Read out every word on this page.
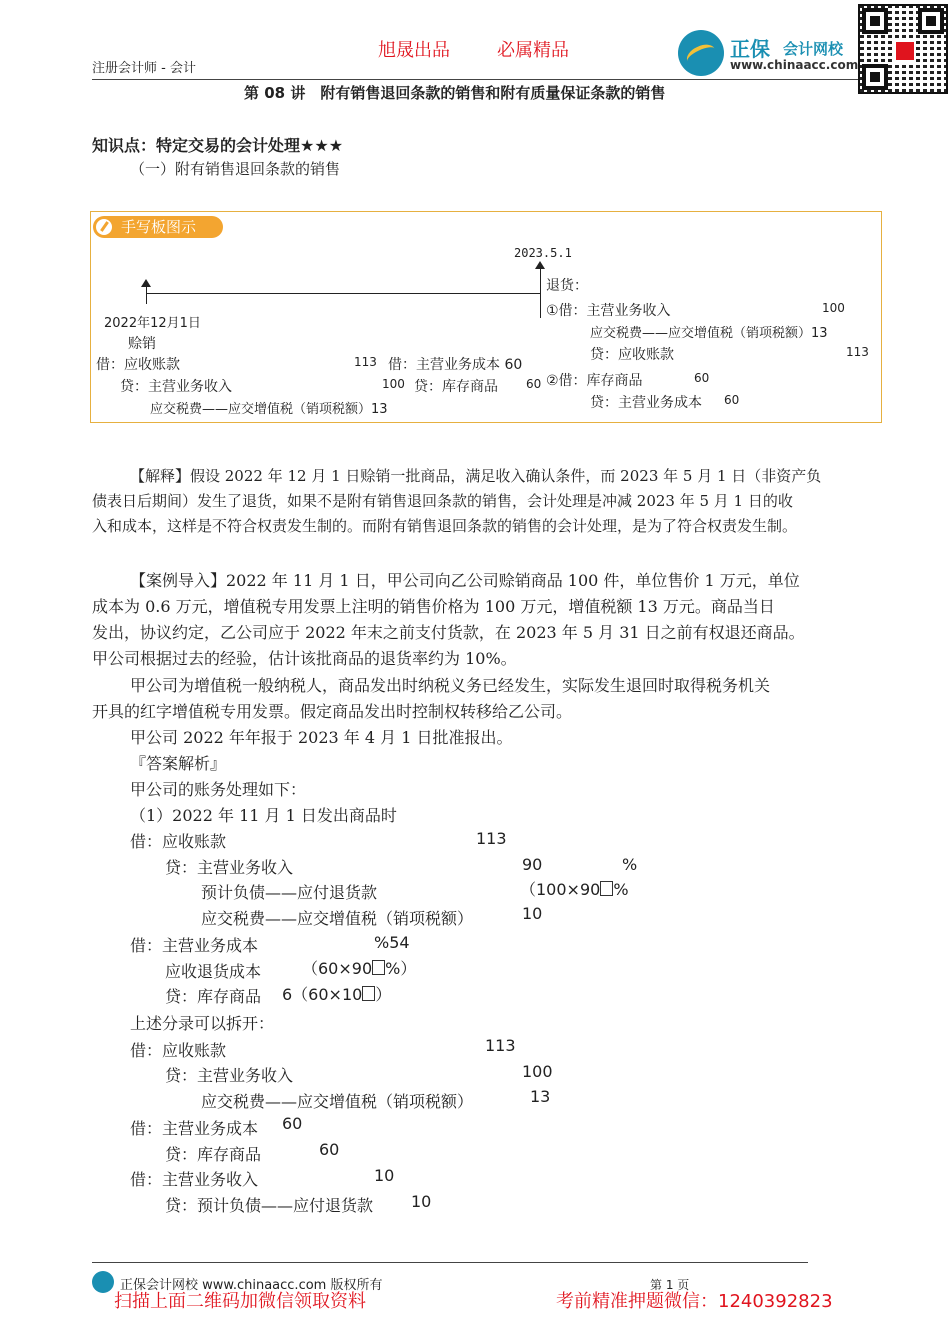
旭晟出品	必属精品
注册会计师 - 会计
正保 会计网校
www.chinaacc.com
第 08 讲　附有销售退回条款的销售和附有质量保证条款的销售
知识点：特定交易的会计处理★★★
（一）附有销售退回条款的销售
手写板图示
2023.5.1
2022年12月1日
赊销
退货：
借：应收账款	113
贷：主营业务收入	100
应交税费——应交增值税（销项税额）13
借：主营业务成本 60
贷：库存商品 60
①借：主营业务收入	100
应交税费——应交增值税（销项税额）13
贷：应收账款	113
②借：库存商品	60
贷：主营业务成本 60
【解释】假设 2022 年 12 月 1 日赊销一批商品，满足收入确认条件，而 2023 年 5 月 1 日（非资产负
债表日后期间）发生了退货，如果不是附有销售退回条款的销售，会计处理是冲减 2023 年 5 月 1 日的收
入和成本，这样是不符合权责发生制的。而附有销售退回条款的销售的会计处理，是为了符合权责发生制。
【案例导入】2022 年 11 月 1 日，甲公司向乙公司赊销商品 100 件，单位售价 1 万元，单位
成本为 0.6 万元，增值税专用发票上注明的销售价格为 100 万元，增值税额 13 万元。商品当日
发出，协议约定，乙公司应于 2022 年末之前支付货款，在 2023 年 5 月 31 日之前有权退还商品。
甲公司根据过去的经验，估计该批商品的退货率约为 10%。
甲公司为增值税一般纳税人，商品发出时纳税义务已经发生，实际发生退回时取得税务机关
开具的红字增值税专用发票。假定商品发出时控制权转移给乙公司。
甲公司 2022 年年报于 2023 年 4 月 1 日批准报出。
『答案解析』
甲公司的账务处理如下：
（1）2022 年 11 月 1 日发出商品时
借：应收账款	113
贷：主营业务收入	90	%
预计负债——应付退货款	（100×90 %
应交税费——应交增值税（销项税额）	10
借：主营业务成本	%54
应收退货成本	（60×90 %）
贷：库存商品 6（60×10 ）
上述分录可以拆开：
借：应收账款	113
贷：主营业务收入	100
应交税费——应交增值税（销项税额）	13
借：主营业务成本 60
贷：库存商品	60
借：主营业务收入	10
贷：预计负债——应付退货款 10
正保会计网校 www.chinaacc.com 版权所有	第 1 页
扫描上面二维码加微信领取资料	考前精准押题微信：1240392823
